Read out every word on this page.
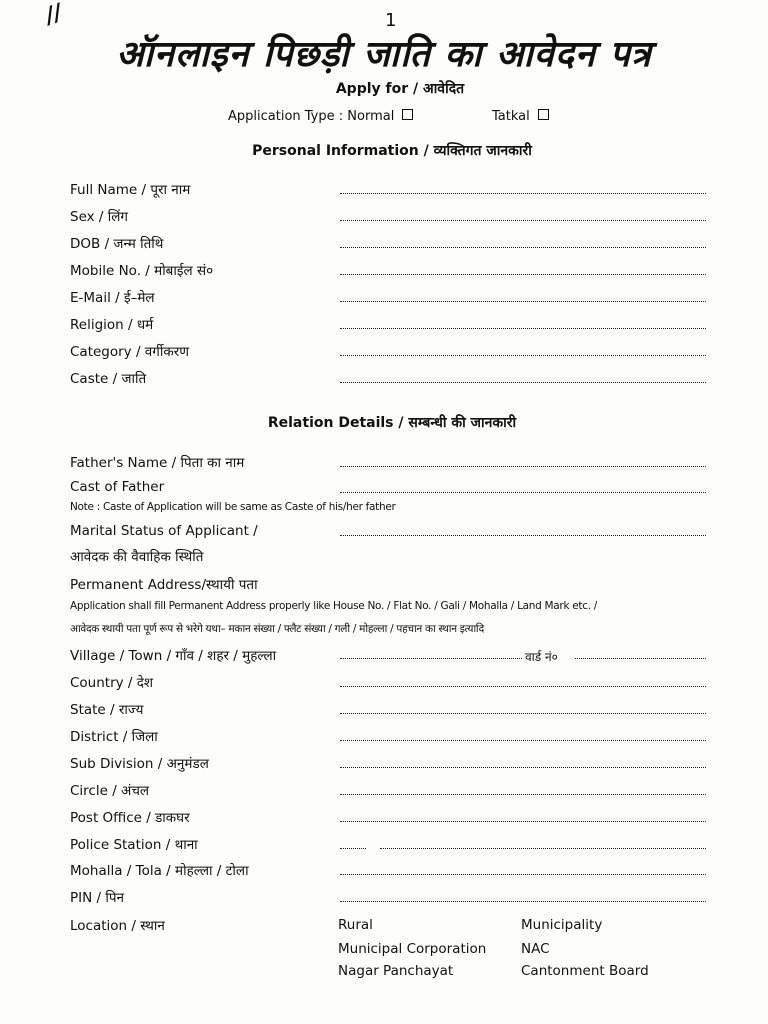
//	1
ऑनलाइन पिछड़ी जाति का आवेदन पत्र
Apply for / आवेदित
Application Type : Normal	Tatkal
Personal Information / व्यक्तिगत जानकारी
Full Name / पूरा नाम
Sex / लिंग
DOB / जन्म तिथि
Mobile No. / मोबाईल सं०
E-Mail / ई–मेल
Religion / धर्म
Category / वर्गीकरण
Caste / जाति
Relation Details / सम्बन्धी की जानकारी
Father's Name / पिता का नाम
Cast of Father
Note : Caste of Application will be same as Caste of his/her father
Marital Status of Applicant /
आवेदक की वैवाहिक स्थिति
Permanent Address/स्थायी पता
Application shall fill Permanent Address properly like House No. / Flat No. / Gali / Mohalla / Land Mark etc. /
आवेदक स्थायी पता पूर्ण रूप से भरेगे यथा– मकान संख्या / फ्लैट संख्या / गली / मोहल्ला / पहचान का स्थान इत्यादि
Village / Town / गाँव / शहर / मुहल्ला	वार्ड नं०
Country / देश
State / राज्य
District / जिला
Sub Division / अनुमंडल
Circle / अंचल
Post Office / डाकघर
Police Station / थाना
Mohalla / Tola / मोहल्ला / टोला
PIN / पिन
Location / स्थान	Rural	Municipality
Municipal Corporation	NAC
Nagar Panchayat	Cantonment Board
